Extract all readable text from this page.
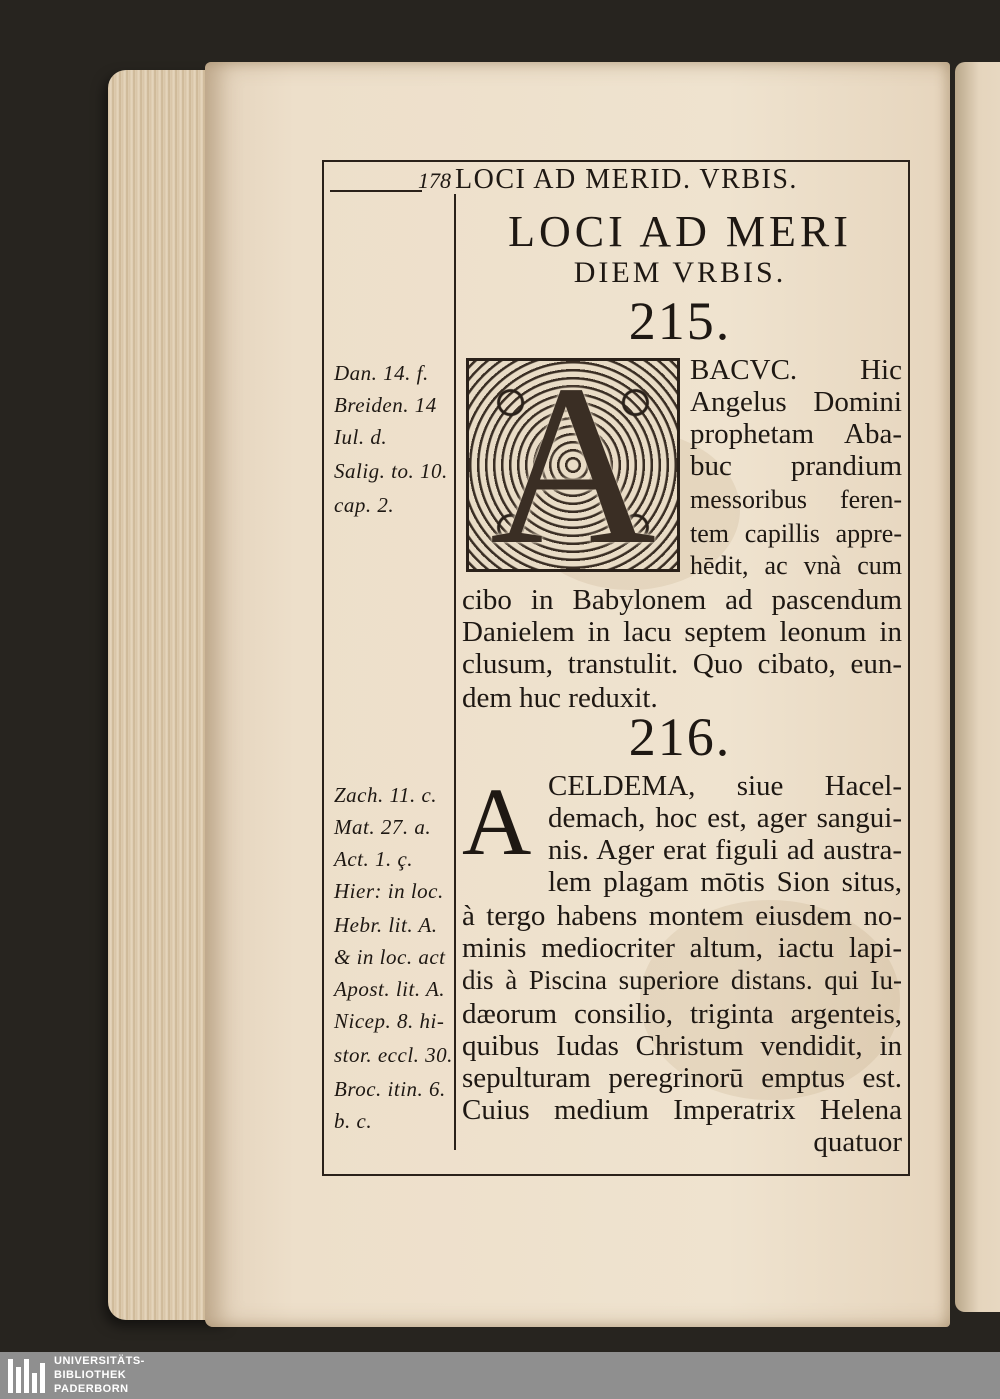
178 LOCI AD MERID. VRBIS.
LOCI AD MERI
DIEM VRBIS.
215.
A	BACVC. Hic
Angelus Domini
prophetam Aba-
buc prandium
messoribus feren-
tem capillis appre-
hēdit, ac vnà cum
cibo in Babylonem ad pascendum
Danielem in lacu septem leonum in
clusum, transtulit. Quo cibato, eun-
dem huc reduxit.
Dan. 14. f.
Breiden. 14
Iul. d.
Salig. to. 10.
cap. 2.
216.
A CELDEMA, siue Hacel-
demach, hoc est, ager sangui-
nis. Ager erat figuli ad austra-
lem plagam mōtis Sion situs,
à tergo habens montem eiusdem no-
minis mediocriter altum, iactu lapi-
dis à Piscina superiore distans. qui Iu-
dæorum consilio, triginta argenteis,
quibus Iudas Christum vendidit, in
sepulturam peregrinorū emptus est.
Cuius medium Imperatrix Helena
quatuor
Zach. 11. c.
Mat. 27. a.
Act. 1. ç.
Hier: in loc.
Hebr. lit. A.
& in loc. act
Apost. lit. A.
Nicep. 8. hi-
stor. eccl. 30.
Broc. itin. 6.
b. c.
UNIVERSITÄTS-
BIBLIOTHEK
PADERBORN
